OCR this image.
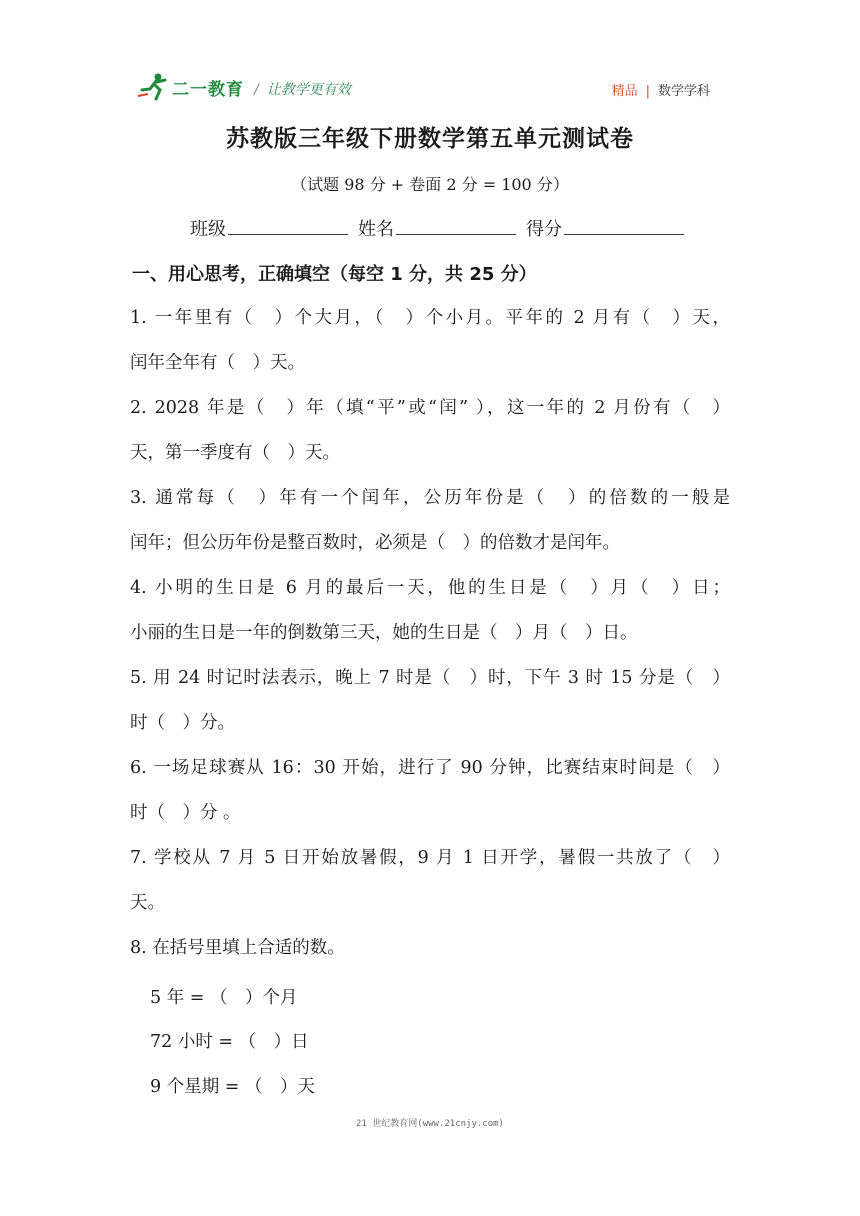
二一教育 / 让教学更有效	精品 | 数学学科
苏教版三年级下册数学第五单元测试卷
（试题 98 分 + 卷面 2 分 = 100 分）
班级	姓名	得分
一、用心思考，正确填空（每空 1 分，共 25 分）

1. 一年里有（　）个大月，（　）个小月。平年的 2 月有（　）天，

闰年全年有（　）天。

2. 2028 年是（　）年（填“平”或“闰” ），这一年的 2 月份有（　）

天，第一季度有（　）天。

3. 通常每（　）年有一个闰年，公历年份是（　）的倍数的一般是

闰年；但公历年份是整百数时，必须是（　）的倍数才是闰年。

4. 小明的生日是 6 月的最后一天，他的生日是（　）月（　）日；

小丽的生日是一年的倒数第三天，她的生日是（　）月（　）日。

5. 用 24 时记时法表示，晚上 7 时是（　）时，下午 3 时 15 分是（　）

时（　）分。

6. 一场足球赛从 16：30 开始，进行了 90 分钟，比赛结束时间是（　）

时（　）分 。

7. 学校从 7 月 5 日开始放暑假，9 月 1 日开学，暑假一共放了（　）

天。

8. 在括号里填上合适的数。

5 年 = （　）个月
72 小时 = （　）日
9 个星期 = （　）天
21 世纪教育网(www.21cnjy.com)
